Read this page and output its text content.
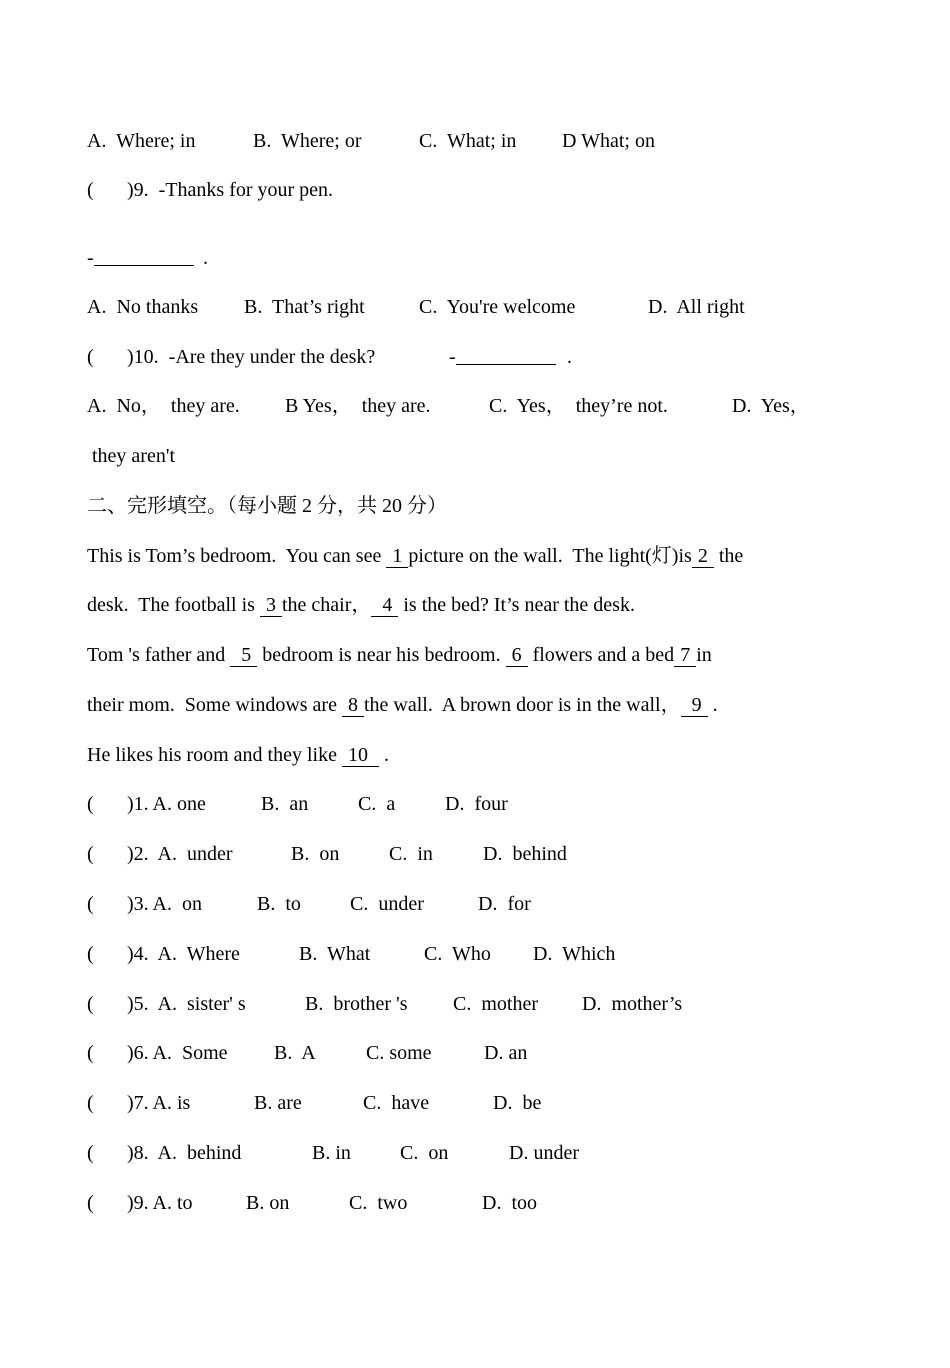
A.  Where; in

	B.  Where; or

	C.  What; in

D What; on

(

)9.  -Thanks for your pen.

-

	.

A.  No thanks

B.  That’s right

	C.  You're welcome

	D.  All right

(

)10.  -Are they under the desk?

	-

	.

A.  No，  they are.

B Yes，  they are.

	C.  Yes，  they’re not.

	D.  Yes，

they aren't
二、完形填空。（每小题 2 分，共 20 分）
This is Tom’s bedroom.  You can see  1 picture on the wall.  The light(灯)is 2  the
desk.  The football is  3 the chair，  4  is the bed? It’s near the desk.
Tom 's father and   5  bedroom is near his bedroom.  6  flowers and a bed 7 in
their mom.  Some windows are  8 the wall.  A brown door is in the wall，  9  .
He likes his room and they like  10   .

(

)1. A. one

	B.  an

C.  a

D.  four

(

)2.  A.  under

	B.  on

C.  in

	D.  behind

(

)3. A.  on

	B.  to

C.  under

	D.  for

(

)4.  A.  Where

	B.  What

	C.  Who

D.  Which

(

)5.  A.  sister' s

	B.  brother 's

C.  mother

D.  mother’s

(

)6. A.  Some

B.  A

	C. some

	D. an

(

)7. A. is

	B. are

	C.  have

	D.  be

(

)8.  A.  behind

	B. in

C.  on

	D. under

(

)9. A. to

	B. on

	C.  two

	D.  too
